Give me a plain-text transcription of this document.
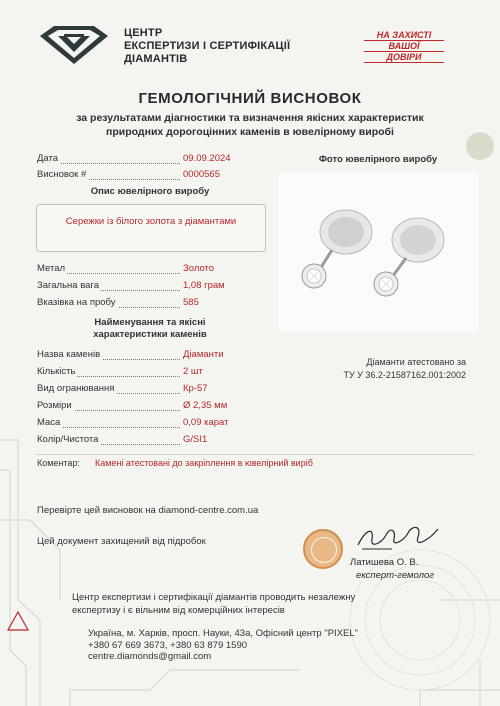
ЦЕНТР
ЕКСПЕРТИЗИ І СЕРТИФІКАЦІЇ
ДІАМАНТІВ
НА ЗАХИСТІ
ВАШОЇ
ДОВІРИ
ГЕМОЛОГІЧНИЙ ВИСНОВОК
за результатами діагностики та визначення якісних характеристик
природних дорогоцінних каменів в ювелірному виробі
Дата	09.09.2024
Висновок #	0000565
Опис ювелірного виробу
Сережки із білого золота з діамантами
Метал	Золото
Загальна вага	1,08 грам
Вказівка на пробу	585
Найменування та якісні
характеристики каменів
Назва каменів	Діаманти
Кількість	2 шт
Вид огранювання	Кр-57
Розміри	Ø 2,35 мм
Маса	0,09 карат
Колір/Чистота	G/SI1
Фото ювелірного виробу
Діаманти атестовано за
ТУ У 36.2-21587162.001:2002
Коментар: Камені атестовані до закріплення в ювелірний виріб
Перевірте цей висновок на diamond-centre.com.ua
Цей документ захищений від підробок
Латишева О. В.
експерт-гемолог
Центр експертизи і сертифікації діамантів проводить незалежну
експертизу і є вільним від комерційних інтересів
Україна, м. Харків, просп. Науки, 43а, Офісний центр "PIXEL"
+380 67 669 3673, +380 63 879 1590
centre.diamonds@gmail.com
